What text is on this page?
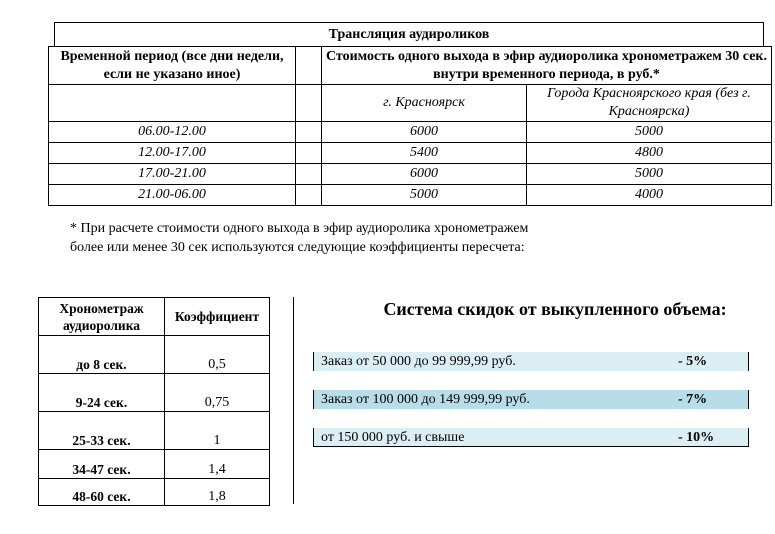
Трансляция аудироликов
Временной период (все дни недели, если не указано иное)		Стоимость одного выхода в эфир аудиоролика хронометражем 30 сек. внутри временного периода, в руб.*	
		г. Красноярск	Города Красноярского края (без г. Красноярска)
06.00-12.00		6000	5000
12.00-17.00		5400	4800
17.00-21.00		6000	5000
21.00-06.00		5000	4000
* При расчете стоимости одного выхода в эфир аудиоролика хронометражем
более или менее 30 сек используются следующие коэффициенты пересчета:
Хронометраж аудиоролика	Коэффициент
до 8 сек.	0,5
9-24 сек.	0,75
25-33 сек.	1
34-47 сек.	1,4
48-60 сек.	1,8
Система скидок от выкупленного объема:
Заказ от 50 000 до 99 999,99 руб.	- 5%
Заказ от 100 000 до 149 999,99 руб.	- 7%
от 150 000 руб. и свыше	- 10%
